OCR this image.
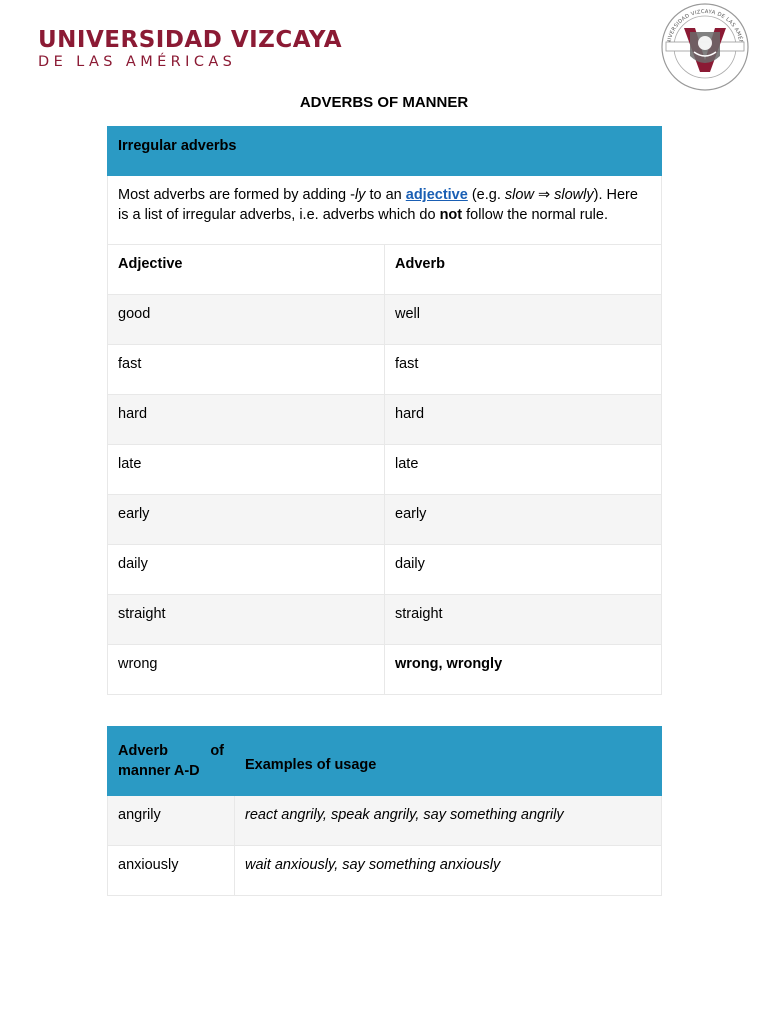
UNIVERSIDAD VIZCAYA
DE LAS AMÉRICAS
IVERSIDAD VIZCAYA DE LAS AMÉ
ADVERBS OF MANNER
Irregular adverbs	
Most adverbs are formed by adding -ly to an adjective (e.g. slow ⇒ slowly). Here is a list of irregular adverbs, i.e. adverbs which do not follow the normal rule.	
Adjective	Adverb
good	well
fast	fast
hard	hard
late	late
early	early
daily	daily
straight	straight
wrong	wrong, wrongly
Adverb of
manner A-D	Examples of usage
angrily	react angrily, speak angrily, say something angrily
anxiously	wait anxiously, say something anxiously
